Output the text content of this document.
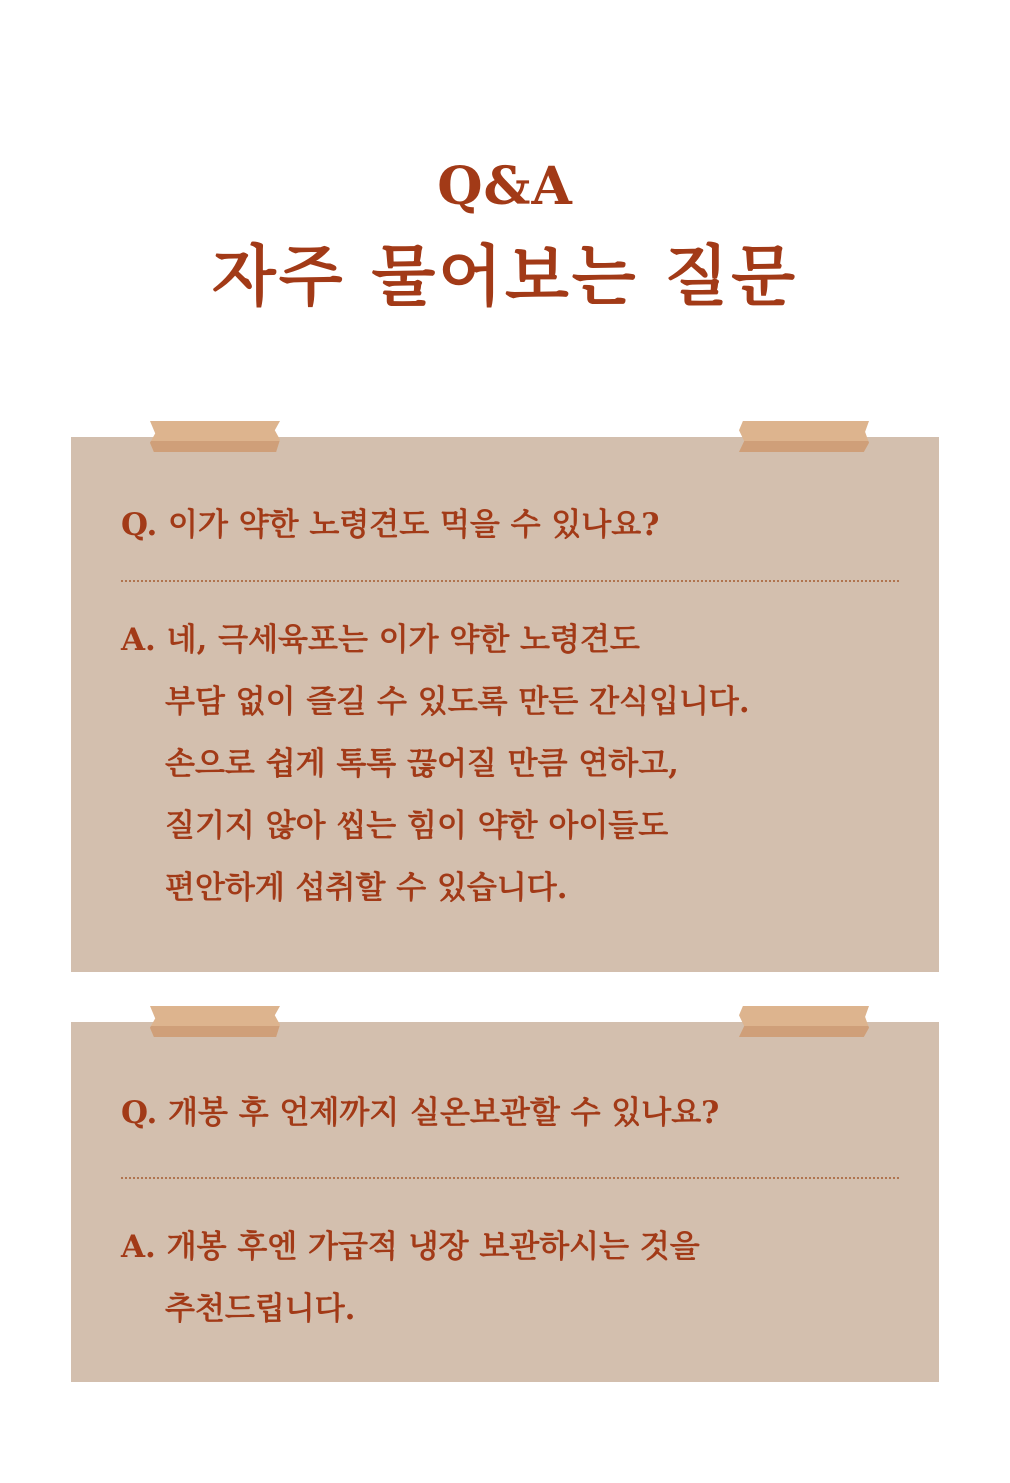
Q&A
자주 물어보는 질문
Q. 이가 약한 노령견도 먹을 수 있나요?
A. 네, 극세육포는 이가 약한 노령견도
부담 없이 즐길 수 있도록 만든 간식입니다.
손으로 쉽게 톡톡 끊어질 만큼 연하고,
질기지 않아 씹는 힘이 약한 아이들도
편안하게 섭취할 수 있습니다.
Q. 개봉 후 언제까지 실온보관할 수 있나요?
A. 개봉 후엔 가급적 냉장 보관하시는 것을
추천드립니다.
